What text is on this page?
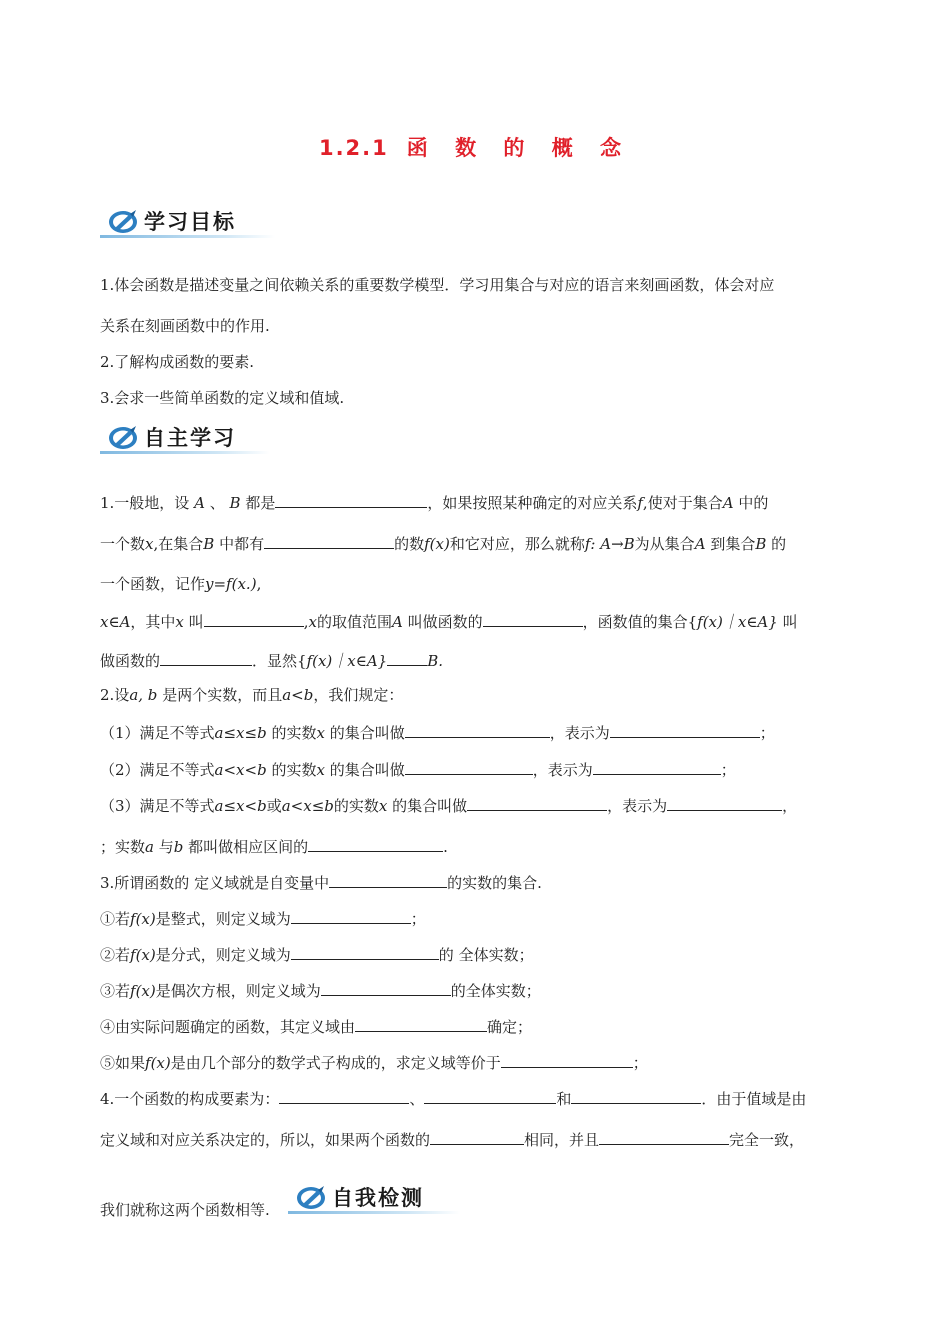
1.2.1 函 数 的 概 念
学习目标
1.体会函数是描述变量之间依赖关系的重要数学模型．学习用集合与对应的语言来刻画函数，体会对应
关系在刻画函数中的作用.
2.了解构成函数的要素.
3.会求一些简单函数的定义域和值域.
自主学习
1.一般地，设 A 、 B 都是	，如果按照某种确定的对应关系f,使对于集合A 中的
一个数x,在集合B 中都有	的数f(x)和它对应，那么就称f: A→B为从集合A 到集合B 的
一个函数，记作y=f(x.),
x∈A，其中x 叫	,x的取值范围A 叫做函数的	，函数值的集合{f(x)｜x∈A} 叫
做函数的	．显然{f(x)｜x∈A}	B.
2.设a, b 是两个实数，而且a<b，我们规定：
（1）满足不等式a≤x≤b 的实数x 的集合叫做	，表示为	；
（2）满足不等式a<x<b 的实数x 的集合叫做	，表示为	；
（3）满足不等式a≤x<b或a<x≤b的实数x 的集合叫做	，表示为	，
；实数a 与b 都叫做相应区间的	.
3.所谓函数的 定义域就是自变量中	的实数的集合.
①若f(x)是整式，则定义域为	；
②若f(x)是分式，则定义域为	的 全体实数；
③若f(x)是偶次方根，则定义域为	的全体实数；
④由实际问题确定的函数，其定义域由	确定；
⑤如果f(x)是由几个部分的数学式子构成的，求定义域等价于	；
4.一个函数的构成要素为：	、	和	．由于值域是由
定义域和对应关系决定的，所以，如果两个函数的	相同，并且	完全一致，
我们就称这两个函数相等.	自我检测
